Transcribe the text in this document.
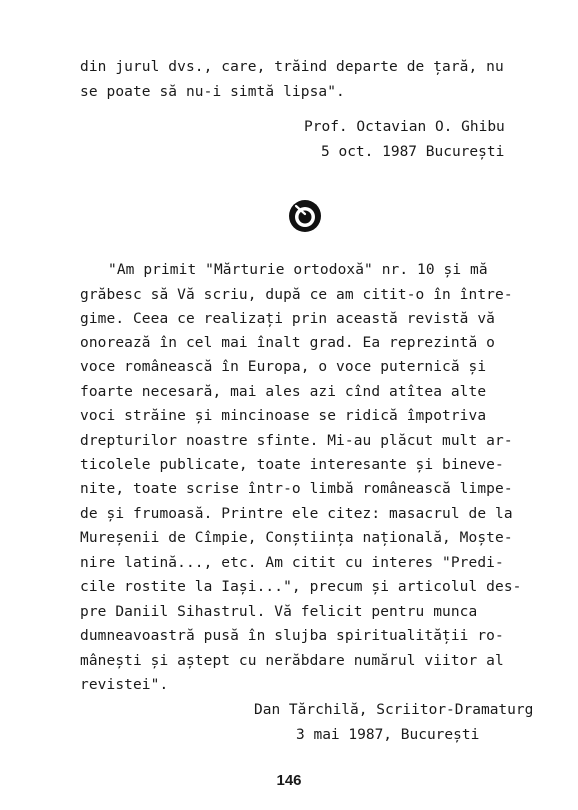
din jurul dvs., care, trăind departe de țară, nu
se poate să nu-i simtă lipsa".
Prof. Octavian O. Ghibu
5 oct. 1987 București
"Am primit "Mărturie ortodoxă" nr. 10 și mă
grăbesc să Vă scriu, după ce am citit-o în între-
gime. Ceea ce realizați prin această revistă vă
onorează în cel mai înalt grad. Ea reprezintă o
voce românească în Europa, o voce puternică și
foarte necesară, mai ales azi cînd atîtea alte
voci străine și mincinoase se ridică împotriva
drepturilor noastre sfinte. Mi-au plăcut mult ar-
ticolele publicate, toate interesante și bineve-
nite, toate scrise într-o limbă românească limpe-
de și frumoasă. Printre ele citez: masacrul de la
Mureșenii de Cîmpie, Conștiința națională, Moște-
nire latină..., etc. Am citit cu interes "Predi-
cile rostite la Iași...", precum și articolul des-
pre Daniil Sihastrul. Vă felicit pentru munca
dumneavoastră pusă în slujba spiritualității ro-
mânești și aștept cu nerăbdare numărul viitor al
revistei".
Dan Tărchilă, Scriitor-Dramaturg
3 mai 1987, București
146
